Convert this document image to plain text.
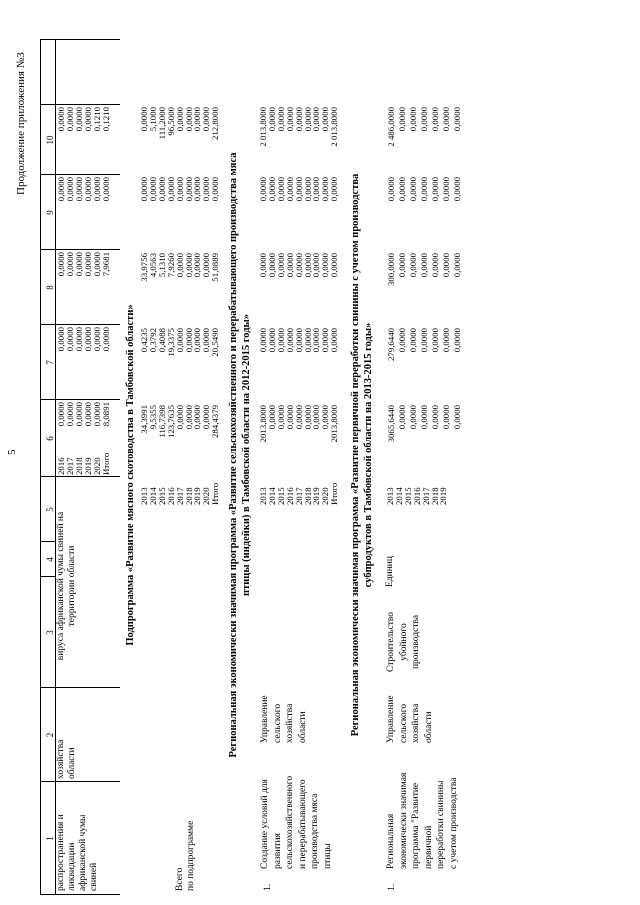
5
Продолжение приложения №3
1
2
3
4
5
6
7
8
9
10
распространения и ликвидации африканской чумы свиней
хозяйства области
вируса африканской чумы свиней на территории области
2016
2017
2018
2019
2020
Итого
0,0000
0,0000
0,0000
0,0000
0,0000
8,0891
0,0000
0,0000
0,0000
0,0000
0,0000
0,0000
0,0000
0,0000
0,0000
0,0000
0,0000
7,9681
0,0000
0,0000
0,0000
0,0000
0,0000
0,0000
0,0000
0,0000
0,0000
0,0000
0,1210
0,1210
Подпрограмма «Развитие мясного скотоводства в Тамбовской области»
Всего по подпрограмме
2013
2014
2015
2016
2017
2018
2019
2020
Итого
34,3991
9,5355
116,7398
123,7635
0,0000
0,0000
0,0000
0,0000
284,4379
0,4235
0,3792
0,4088
19,3375
0,0000
0,0000
0,0000
0,0000
20,5490
33,9756
4,0563
5,1310
7,9260
0,0000
0,0000
0,0000
0,0000
51,0889
0,0000
0,0000
0,0000
0,0000
0,0000
0,0000
0,0000
0,0000
0,0000
0,0000
5,1000
111,2000
96,5000
0,0000
0,0000
0,0000
0,0000
212,8000
Региональная экономически значимая программа «Развитие сельскохозяйственного и перерабатывающего производства мяса птицы (индейки) в Тамбовской области на 2012-2015 годы»
1.
Создание условий для развития сельскохозяйственного и перерабатывающего производства мяса птицы
Управление сельского хозяйства области
2013
2014
2015
2016
2017
2018
2019
2020
Итого
2013,8000
0,0000
0,0000
0,0000
0,0000
0,0000
0,0000
0,0000
2013,8000
0,0000
0,0000
0,0000
0,0000
0,0000
0,0000
0,0000
0,0000
0,0000
0,0000
0,0000
0,0000
0,0000
0,0000
0,0000
0,0000
0,0000
0,0000
0,0000
0,0000
0,0000
0,0000
0,0000
0,0000
0,0000
0,0000
0,0000
2 013,8000
0,0000
0,0000
0,0000
0,0000
0,0000
0,0000
0,0000
2 013,8000
Региональная экономически значимая программа «Развитие первичной переработки свинины с учетом производства субпродуктов в Тамбовской области на 2013-2015 годы»
1.
Региональная экономически значимая программа "Развитие первичной переработки свинины с учетом производства
Управление сельского хозяйства области
Строительство убойного производства
Единиц
2013
2014
2015
2016
2017
2018
2019
3065,6440 0,0000 0,0000 0,0000 0,0000 0,0000 0,0000
279,6440 0,0000 0,0000 0,0000 0,0000 0,0000 0,0000
300,0000 0,0000 0,0000 0,0000 0,0000 0,0000 0,0000
0,0000 0,0000 0,0000 0,0000 0,0000 0,0000 0,0000
2 486,0000 0,0000 0,0000 0,0000 0,0000 0,0000 0,0000
